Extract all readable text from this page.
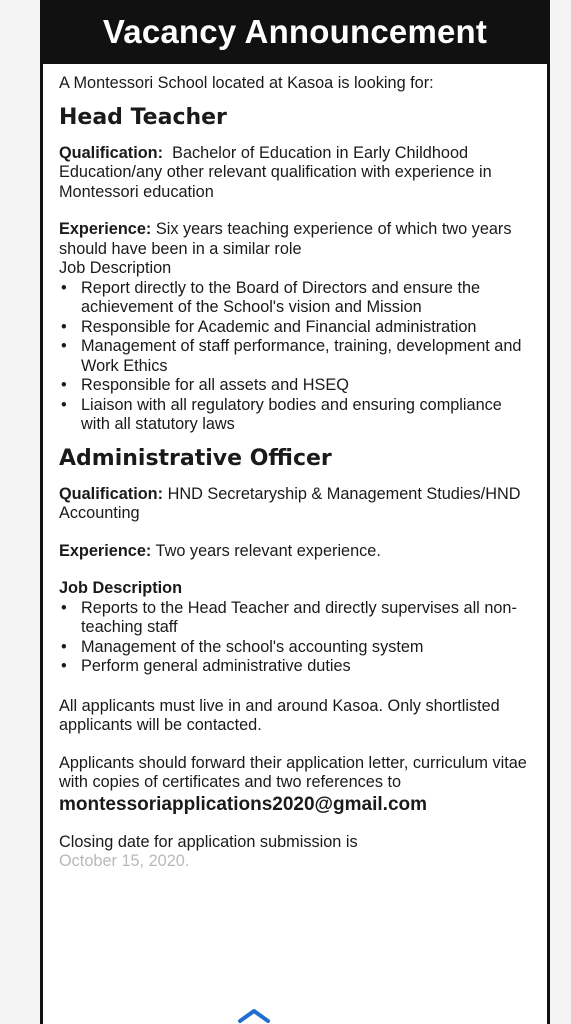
Vacancy Announcement

A Montessori School located at Kasoa is looking for:

Head Teacher

Qualification: Bachelor of Education in Early Childhood Education/any other relevant qualification with experience in Montessori education

Experience: Six years teaching experience of which two years should have been in a similar role

Job Description

• Report directly to the Board of Directors and ensure the achievement of the School's vision and Mission
• Responsible for Academic and Financial administration
• Management of staff performance, training, development and Work Ethics
• Responsible for all assets and HSEQ
• Liaison with all regulatory bodies and ensuring compliance with all statutory laws
Administrative Officer

Qualification: HND Secretaryship & Management Studies/HND Accounting

Experience: Two years relevant experience.

Job Description

• Reports to the Head Teacher and directly supervises all non- teaching staff
• Management of the school's accounting system
• Perform general administrative duties

All applicants must live in and around Kasoa. Only shortlisted applicants will be contacted.

Applicants should forward their application letter, curriculum vitae with copies of certificates and two references to

montessoriapplications2020@gmail.com

Closing date for application submission is

October 15, 2020.
